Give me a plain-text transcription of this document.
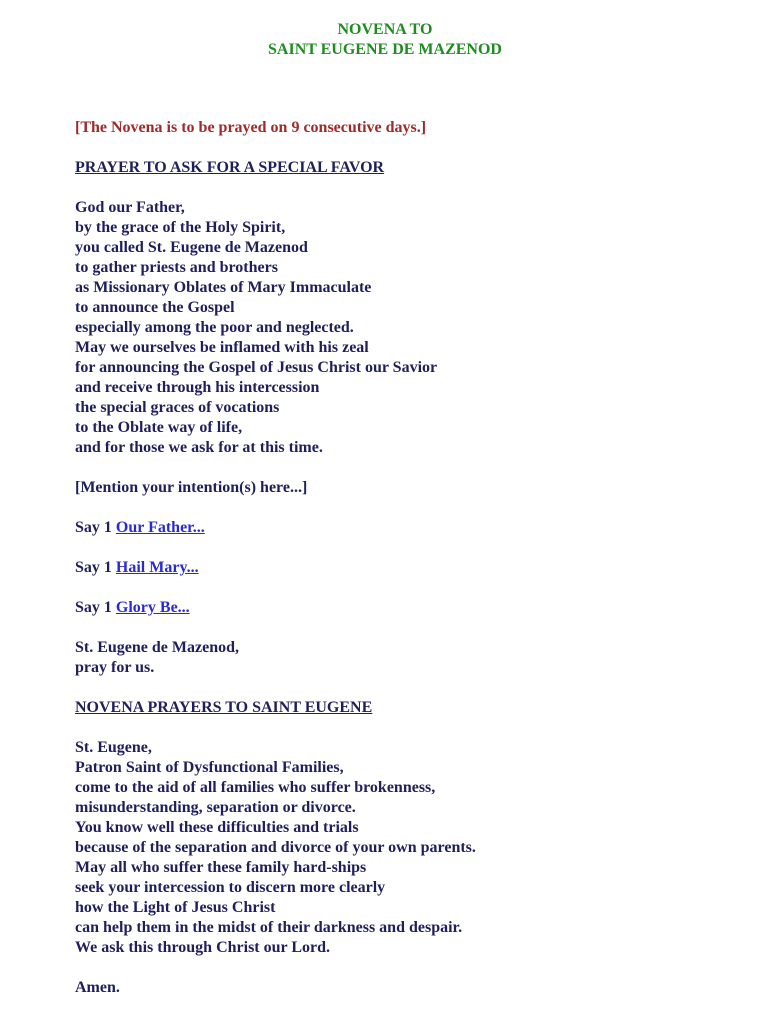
NOVENA TO
SAINT EUGENE DE MAZENOD
[The Novena is to be prayed on 9 consecutive days.]
PRAYER TO ASK FOR A SPECIAL FAVOR
God our Father,
by the grace of the Holy Spirit,
you called St. Eugene de Mazenod
to gather priests and brothers
as Missionary Oblates of Mary Immaculate
to announce the Gospel
especially among the poor and neglected.
May we ourselves be inflamed with his zeal
for announcing the Gospel of Jesus Christ our Savior
and receive through his intercession
the special graces of vocations
to the Oblate way of life,
and for those we ask for at this time.
[Mention your intention(s) here...]
Say 1 Our Father...
Say 1 Hail Mary...
Say 1 Glory Be...
St. Eugene de Mazenod,
pray for us.
NOVENA PRAYERS TO SAINT EUGENE
St. Eugene,
Patron Saint of Dysfunctional Families,
come to the aid of all families who suffer brokenness,
misunderstanding, separation or divorce.
You know well these difficulties and trials
because of the separation and divorce of your own parents.
May all who suffer these family hard-ships
seek your intercession to discern more clearly
how the Light of Jesus Christ
can help them in the midst of their darkness and despair.
We ask this through Christ our Lord.
Amen.
